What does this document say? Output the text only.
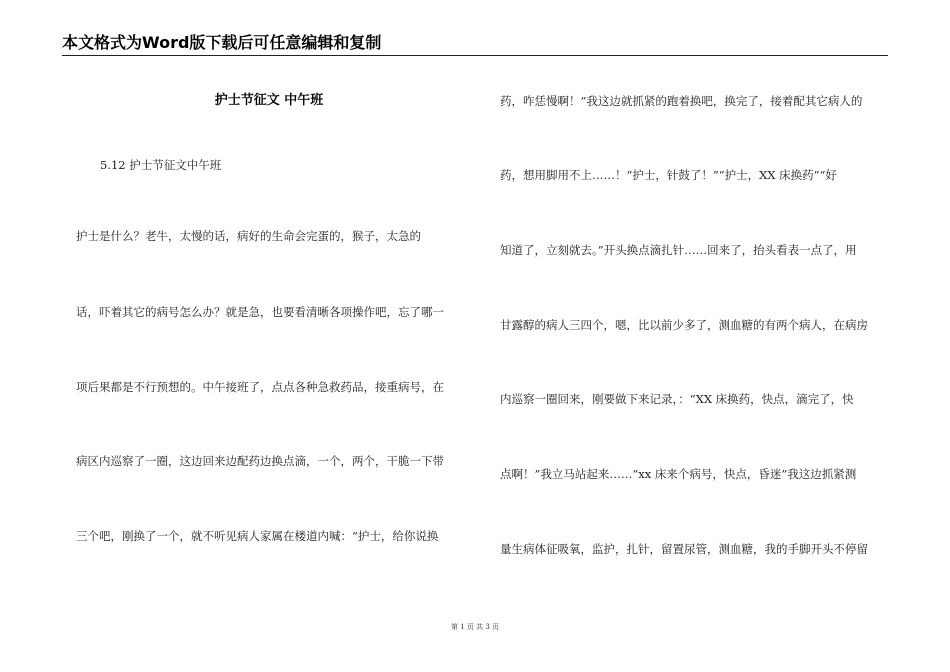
本文格式为Word版下载后可任意编辑和复制
护士节征文 中午班
5.12 护士节征文中午班
护士是什么？老牛，太慢的话，病好的生命会完蛋的，猴子，太急的
话，吓着其它的病号怎么办？就是急，也要看清晰各项操作吧，忘了哪一
项后果都是不行预想的。中午接班了，点点各种急救药品，接重病号，在
病区内巡察了一圈，这边回来边配药边换点滴，一个，两个，干脆一下带
三个吧，刚换了一个，就不听见病人家属在楼道内喊：“护士，给你说换
药，咋恁慢啊！”我这边就抓紧的跑着换吧，换完了，接着配其它病人的
药，想用脚用不上……！“护士，针鼓了！”“护士，XX 床换药”“好
知道了，立刻就去。”开头换点滴扎针……回来了，抬头看表一点了，用
甘露醇的病人三四个，嗯，比以前少多了，测血糖的有两个病人，在病房
内巡察一圈回来，刚要做下来记录，：“XX 床换药，快点，滴完了，快
点啊！”我立马站起来……“xx 床来个病号，快点，昏迷”我这边抓紧测
量生病体征吸氧，监护，扎针，留置尿管，测血糖，我的手脚开头不停留
第 1 页 共 3 页
